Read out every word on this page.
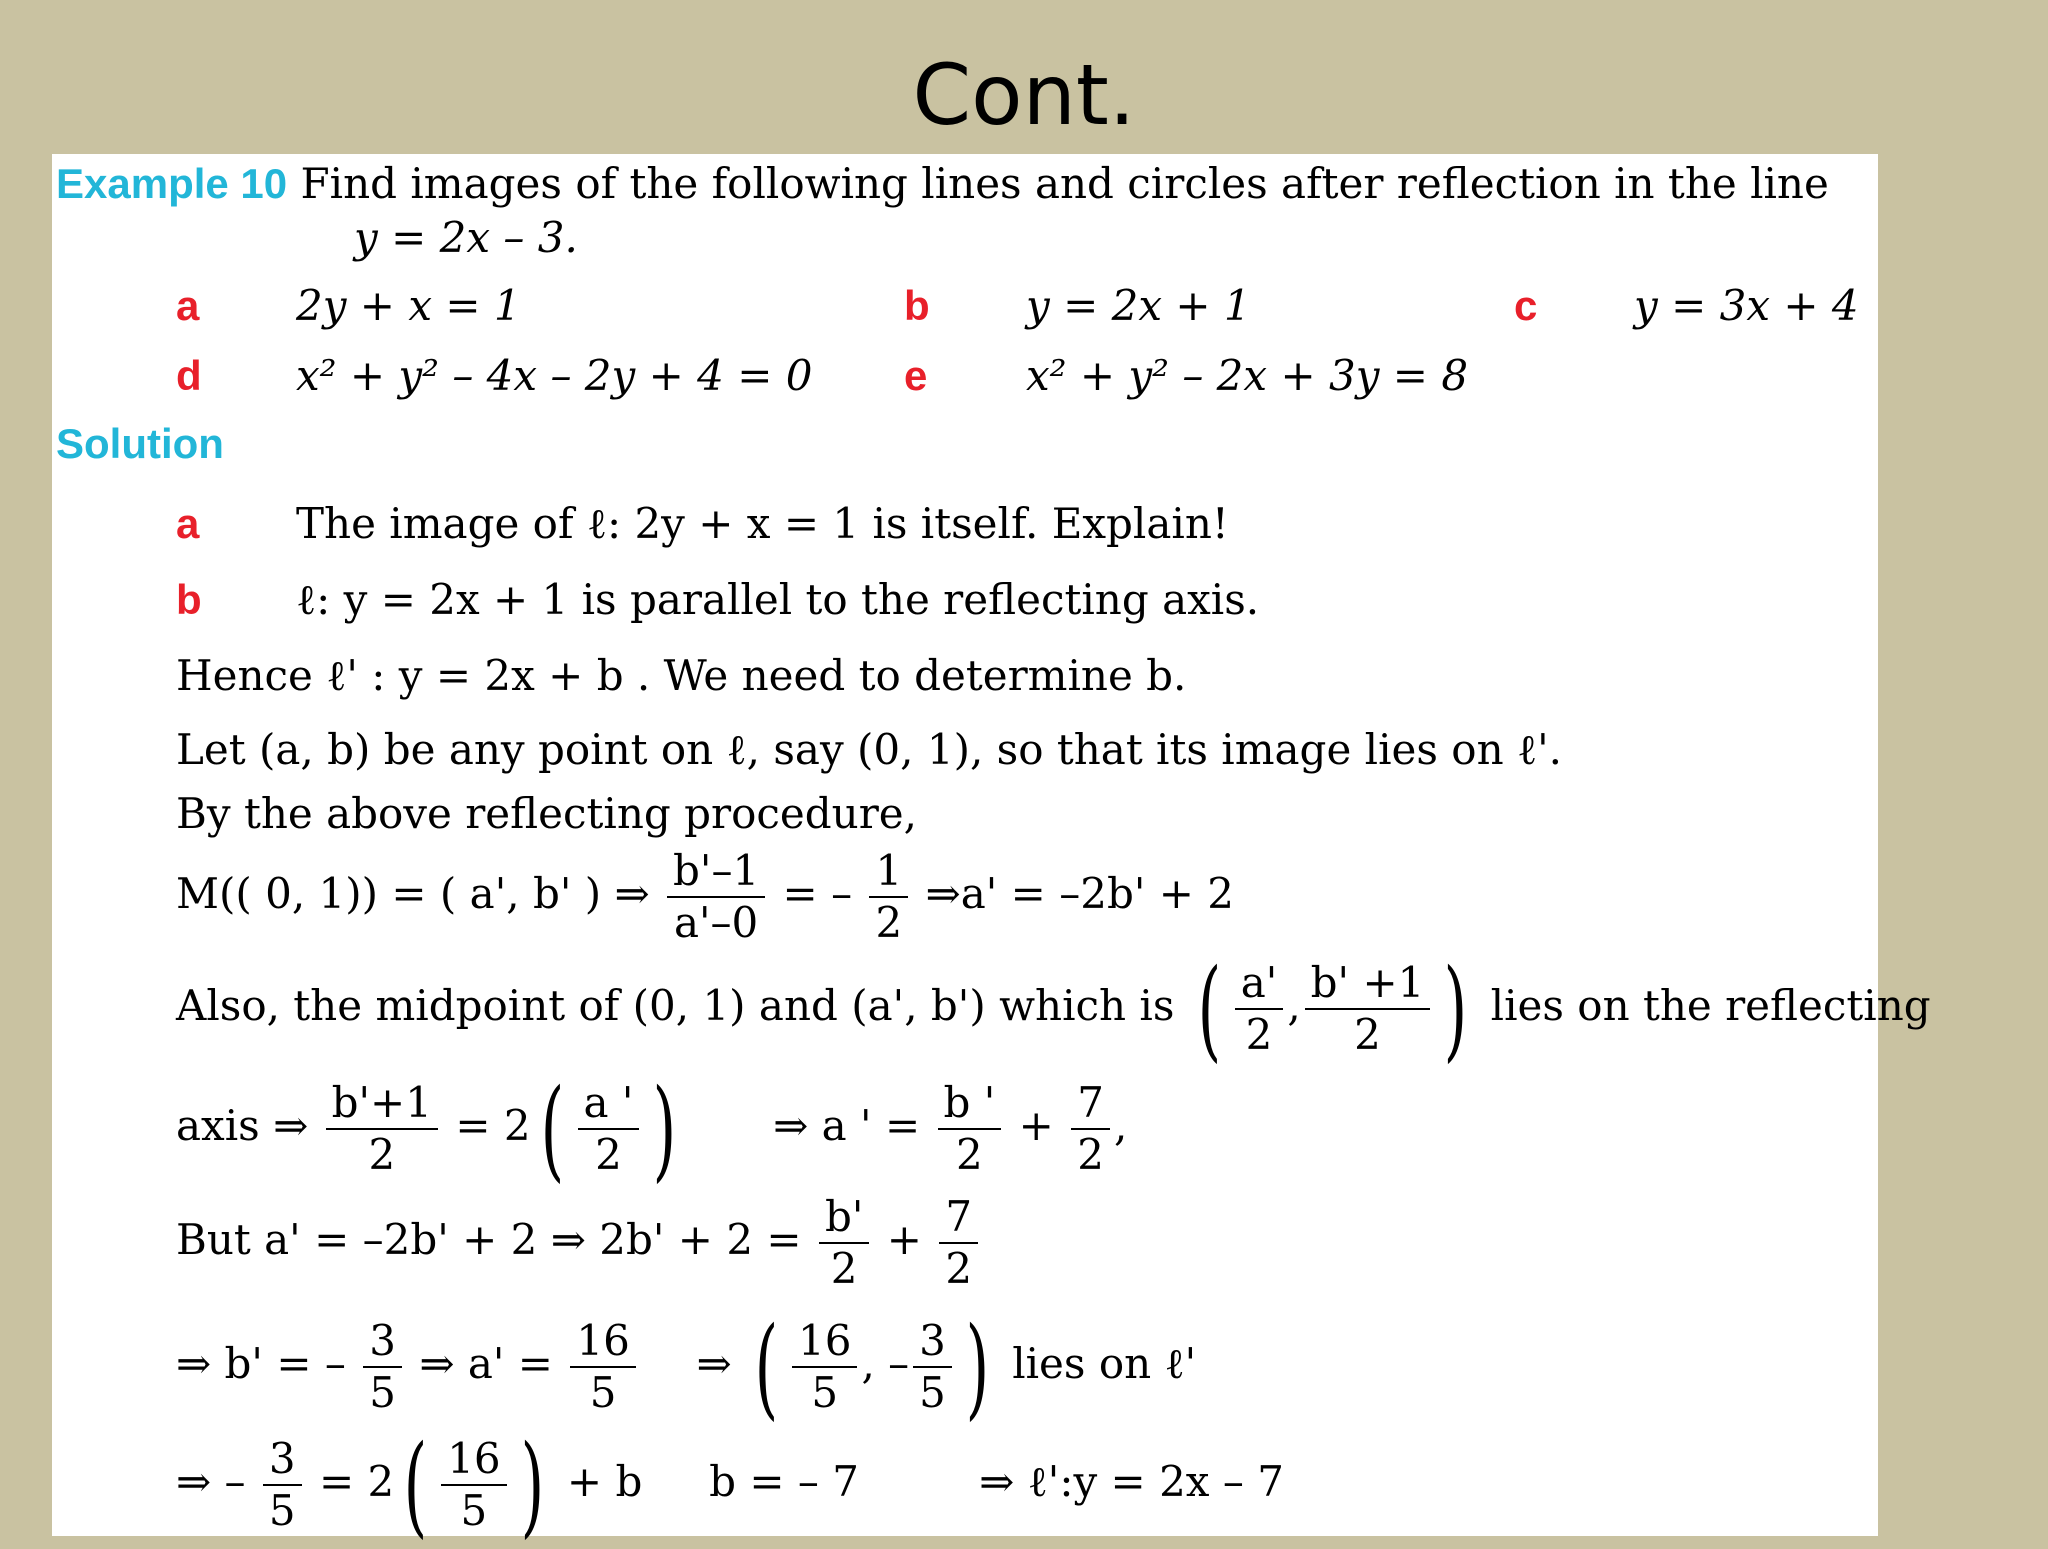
Cont.
Example 10 Find images of the following lines and circles after reflection in the line
y = 2x – 3.
a 2y + x = 1	b y = 2x + 1	c y = 3x + 4
d x² + y² – 4x – 2y + 4 = 0 e x² + y² – 2x + 3y = 8
Solution
a The image of ℓ: 2y + x = 1 is itself. Explain!
b ℓ: y = 2x + 1 is parallel to the reflecting axis.
Hence ℓ' : y = 2x + b . We need to determine b.
Let (a, b) be any point on ℓ, say (0, 1), so that its image lies on ℓ'.
By the above reflecting procedure,
M(( 0, 1)) = ( a', b' ) ⇒ $\frac{b'-1}{a'-0}$ = – $\frac{1}{2}$ ⇒a' = –2b' + 2
Also, the midpoint of (0, 1) and (a', b') which is ( $\frac{a'}{2}$ , $\frac{b' +1}{2}$ ) lies on the reflecting
axis ⇒ $\frac{b'+1}{2} = 2( \frac{a '}{2}$ ) ⇒ a ' = $\frac{b '}{2} + \frac{7}{2}$ ,
But a' = –2b' + 2 ⇒ $2b' + 2 = \frac{b'}{2} + \frac{7}{2}$
⇒ b' = – $\frac{3}{5}$ ⇒ $a' = \frac{16}{5}$ ⇒ ( $\frac{16}{5}$ , – $\frac{3}{5}$ ) lies on ℓ'
⇒ – $\frac{3}{5} = 2( \frac{16}{5}$ ) + b     b = – 7         ⇒ ℓ':y = 2x – 7
